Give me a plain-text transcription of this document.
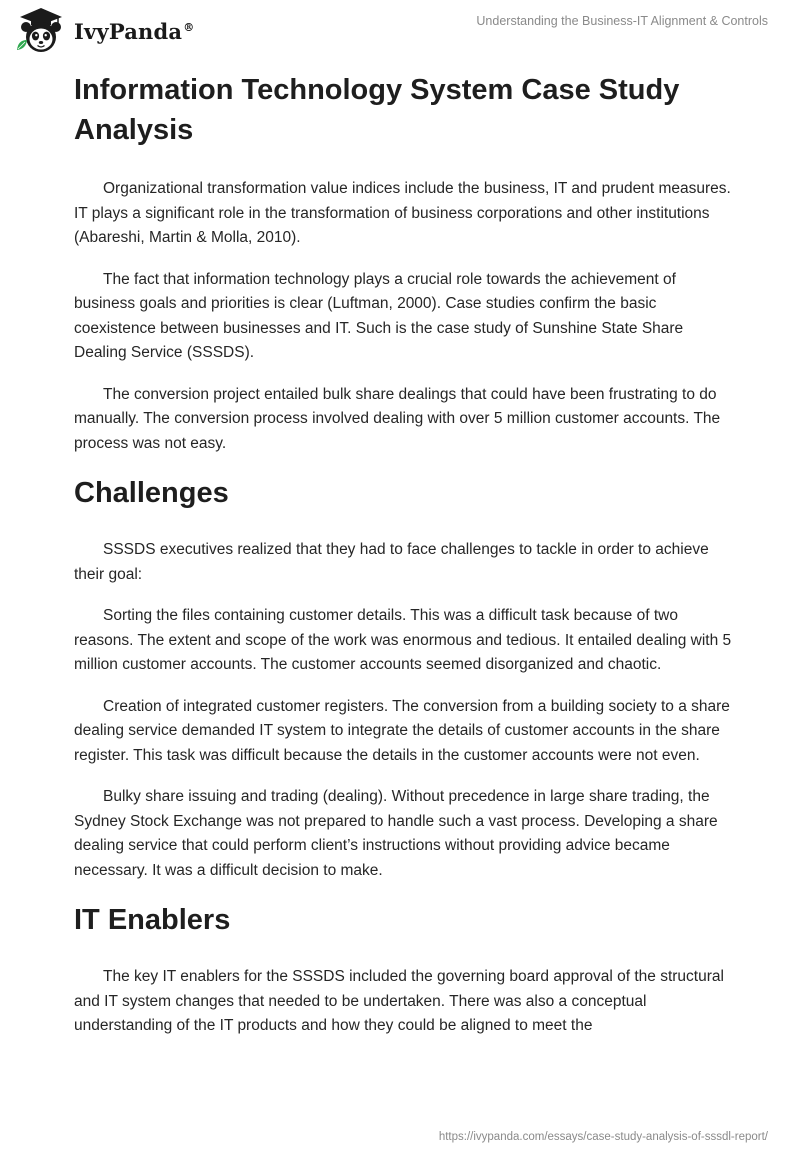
IvyPanda®	Understanding the Business-IT Alignment & Controls
Information Technology System Case Study Analysis

Organizational transformation value indices include the business, IT and prudent measures. IT plays a significant role in the transformation of business corporations and other institutions (Abareshi, Martin & Molla, 2010).

The fact that information technology plays a crucial role towards the achievement of business goals and priorities is clear (Luftman, 2000). Case studies confirm the basic coexistence between businesses and IT. Such is the case study of Sunshine State Share Dealing Service (SSSDS).

The conversion project entailed bulk share dealings that could have been frustrating to do manually. The conversion process involved dealing with over 5 million customer accounts. The process was not easy.

Challenges

SSSDS executives realized that they had to face challenges to tackle in order to achieve their goal:

Sorting the files containing customer details. This was a difficult task because of two reasons. The extent and scope of the work was enormous and tedious. It entailed dealing with 5 million customer accounts. The customer accounts seemed disorganized and chaotic.

Creation of integrated customer registers. The conversion from a building society to a share dealing service demanded IT system to integrate the details of customer accounts in the share register. This task was difficult because the details in the customer accounts were not even.

Bulky share issuing and trading (dealing). Without precedence in large share trading, the Sydney Stock Exchange was not prepared to handle such a vast process. Developing a share dealing service that could perform client’s instructions without providing advice became necessary. It was a difficult decision to make.

IT Enablers

The key IT enablers for the SSSDS included the governing board approval of the structural and IT system changes that needed to be undertaken. There was also a conceptual understanding of the IT products and how they could be aligned to meet the

https://ivypanda.com/essays/case-study-analysis-of-sssdl-report/
